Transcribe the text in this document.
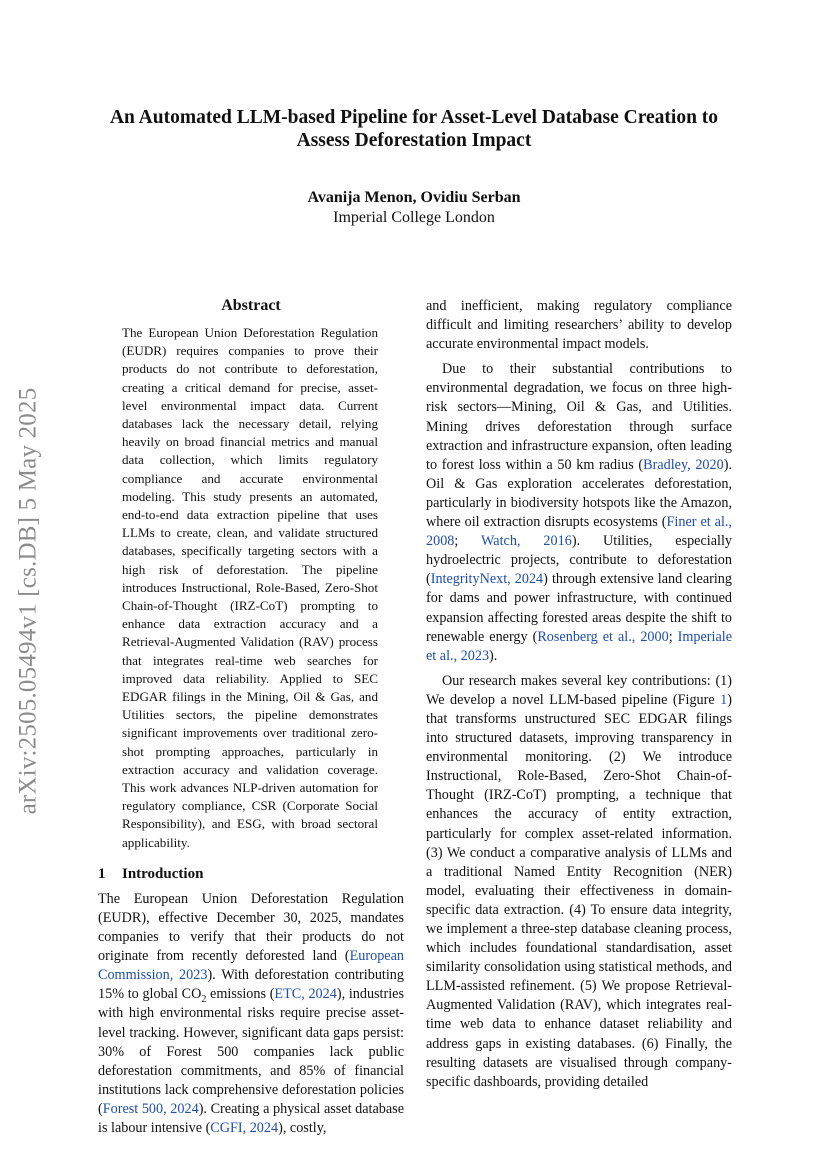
arXiv:2505.05494v1 [cs.DB] 5 May 2025
An Automated LLM-based Pipeline for Asset-Level Database Creation to
Assess Deforestation Impact
Avanija Menon, Ovidiu Serban
Imperial College London
Abstract

The European Union Deforestation Regulation (EUDR) requires companies to prove their products do not contribute to deforestation, creating a critical demand for precise, asset-level environmental impact data. Current databases lack the necessary detail, relying heavily on broad financial metrics and manual data collection, which limits regulatory compliance and accurate environmental modeling. This study presents an automated, end-to-end data extraction pipeline that uses LLMs to create, clean, and validate structured databases, specifically targeting sectors with a high risk of deforestation. The pipeline introduces Instructional, Role-Based, Zero-Shot Chain-of-Thought (IRZ-CoT) prompting to enhance data extraction accuracy and a Retrieval-Augmented Validation (RAV) process that integrates real-time web searches for improved data reliability. Applied to SEC EDGAR filings in the Mining, Oil & Gas, and Utilities sectors, the pipeline demonstrates significant improvements over traditional zero-shot prompting approaches, particularly in extraction accuracy and validation coverage. This work advances NLP-driven automation for regulatory compliance, CSR (Corporate Social Responsibility), and ESG, with broad sectoral applicability.

1 Introduction

The European Union Deforestation Regulation (EUDR), effective December 30, 2025, mandates companies to verify that their products do not originate from recently deforested land (European Commission, 2023). With deforestation contributing 15% to global $CO_2$ emissions (ETC, 2024), industries with high environmental risks require precise asset-level tracking. However, significant data gaps persist: 30% of Forest 500 companies lack public deforestation commitments, and 85% of financial institutions lack comprehensive deforestation policies (Forest 500, 2024). Creating a physical asset database is labour intensive (CGFI, 2024), costly,

and inefficient, making regulatory compliance difficult and limiting researchers’ ability to develop accurate environmental impact models.

Due to their substantial contributions to environmental degradation, we focus on three high-risk sectors—Mining, Oil & Gas, and Utilities. Mining drives deforestation through surface extraction and infrastructure expansion, often leading to forest loss within a 50 km radius (Bradley, 2020). Oil & Gas exploration accelerates deforestation, particularly in biodiversity hotspots like the Amazon, where oil extraction disrupts ecosystems (Finer et al., 2008; Watch, 2016). Utilities, especially hydroelectric projects, contribute to deforestation (IntegrityNext, 2024) through extensive land clearing for dams and power infrastructure, with continued expansion affecting forested areas despite the shift to renewable energy (Rosenberg et al., 2000; Imperiale et al., 2023).

Our research makes several key contributions: (1) We develop a novel LLM-based pipeline (Figure 1) that transforms unstructured SEC EDGAR filings into structured datasets, improving transparency in environmental monitoring. (2) We introduce Instructional, Role-Based, Zero-Shot Chain-of-Thought (IRZ-CoT) prompting, a technique that enhances the accuracy of entity extraction, particularly for complex asset-related information. (3) We conduct a comparative analysis of LLMs and a traditional Named Entity Recognition (NER) model, evaluating their effectiveness in domain-specific data extraction. (4) To ensure data integrity, we implement a three-step database cleaning process, which includes foundational standardisation, asset similarity consolidation using statistical methods, and LLM-assisted refinement. (5) We propose Retrieval-Augmented Validation (RAV), which integrates real-time web data to enhance dataset reliability and address gaps in existing databases. (6) Finally, the resulting datasets are visualised through company-specific dashboards, providing detailed
